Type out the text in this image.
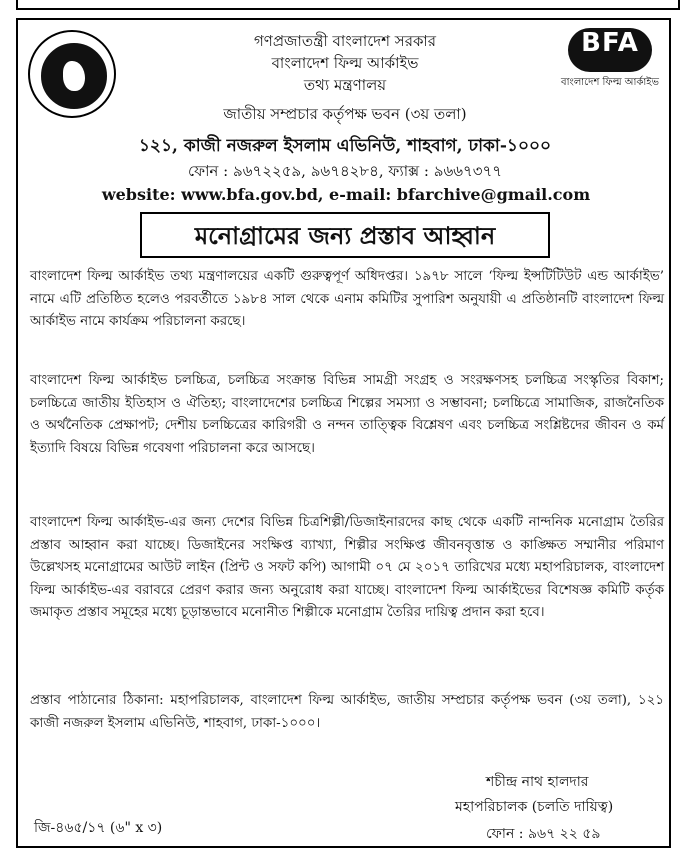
BFA
বাংলাদেশ ফিল্ম আর্কাইভ
গণপ্রজাতন্ত্রী বাংলাদেশ সরকার
বাংলাদেশ ফিল্ম আর্কাইভ
তথ্য মন্ত্রণালয়
জাতীয় সম্প্রচার কর্তৃপক্ষ ভবন (৩য় তলা)
১২১, কাজী নজরুল ইসলাম এভিনিউ, শাহবাগ, ঢাকা-১০০০
ফোন : ৯৬৭২২৫৯, ৯৬৭৪২৮৪, ফ্যাক্স : ৯৬৬৭৩৭৭
website: www.bfa.gov.bd, e-mail: bfarchive@gmail.com
মনোগ্রামের জন্য প্রস্তাব আহ্বান
বাংলাদেশ ফিল্ম আর্কাইভ তথ্য মন্ত্রণালয়ের একটি গুরুত্বপূর্ণ অধিদপ্তর। ১৯৭৮ সালে ‘ফিল্ম ইন্সটিটিউট এন্ড আর্কাইভ’ নামে এটি প্রতিষ্ঠিত হলেও পরবর্তীতে ১৯৮৪ সাল থেকে এনাম কমিটির সুপারিশ অনুযায়ী এ প্রতিষ্ঠানটি বাংলাদেশ ফিল্ম আর্কাইভ নামে কার্যক্রম পরিচালনা করছে।
বাংলাদেশ ফিল্ম আর্কাইভ চলচ্চিত্র, চলচ্চিত্র সংক্রান্ত বিভিন্ন সামগ্রী সংগ্রহ ও সংরক্ষণসহ চলচ্চিত্র সংস্কৃতির বিকাশ; চলচ্চিত্রে জাতীয় ইতিহাস ও ঐতিহ্য; বাংলাদেশের চলচ্চিত্র শিল্পের সমস্যা ও সম্ভাবনা; চলচ্চিত্রে সামাজিক, রাজনৈতিক ও অর্থনৈতিক প্রেক্ষাপট; দেশীয় চলচ্চিত্রের কারিগরী ও নন্দন তাত্ত্বিক বিশ্লেষণ এবং চলচ্চিত্র সংশ্লিষ্টদের জীবন ও কর্ম ইত্যাদি বিষয়ে বিভিন্ন গবেষণা পরিচালনা করে আসছে।
বাংলাদেশ ফিল্ম আর্কাইভ-এর জন্য দেশের বিভিন্ন চিত্রশিল্পী/ডিজাইনারদের কাছ থেকে একটি নান্দনিক মনোগ্রাম তৈরির প্রস্তাব আহ্বান করা যাচ্ছে। ডিজাইনের সংক্ষিপ্ত ব্যাখ্যা, শিল্পীর সংক্ষিপ্ত জীবনবৃত্তান্ত ও কাঙ্ক্ষিত সম্মানীর পরিমাণ উল্লেখসহ মনোগ্রামের আউট লাইন (প্রিন্ট ও সফট কপি) আগামী ০৭ মে ২০১৭ তারিখের মধ্যে মহাপরিচালক, বাংলাদেশ ফিল্ম আর্কাইভ-এর বরাবরে প্রেরণ করার জন্য অনুরোধ করা যাচ্ছে। বাংলাদেশ ফিল্ম আর্কাইভের বিশেষজ্ঞ কমিটি কর্তৃক জমাকৃত প্রস্তাব সমূহের মধ্যে চূড়ান্তভাবে মনোনীত শিল্পীকে মনোগ্রাম তৈরির দায়িত্ব প্রদান করা হবে।
প্রস্তাব পাঠানোর ঠিকানা: মহাপরিচালক, বাংলাদেশ ফিল্ম আর্কাইভ, জাতীয় সম্প্রচার কর্তৃপক্ষ ভবন (৩য় তলা), ১২১ কাজী নজরুল ইসলাম এভিনিউ, শাহবাগ, ঢাকা-১০০০।
শচীন্দ্র নাথ হালদার
মহাপরিচালক (চলতি দায়িত্ব)
ফোন : ৯৬৭ ২২ ৫৯
জি-৪৬৫/১৭ (৬" x ৩)
